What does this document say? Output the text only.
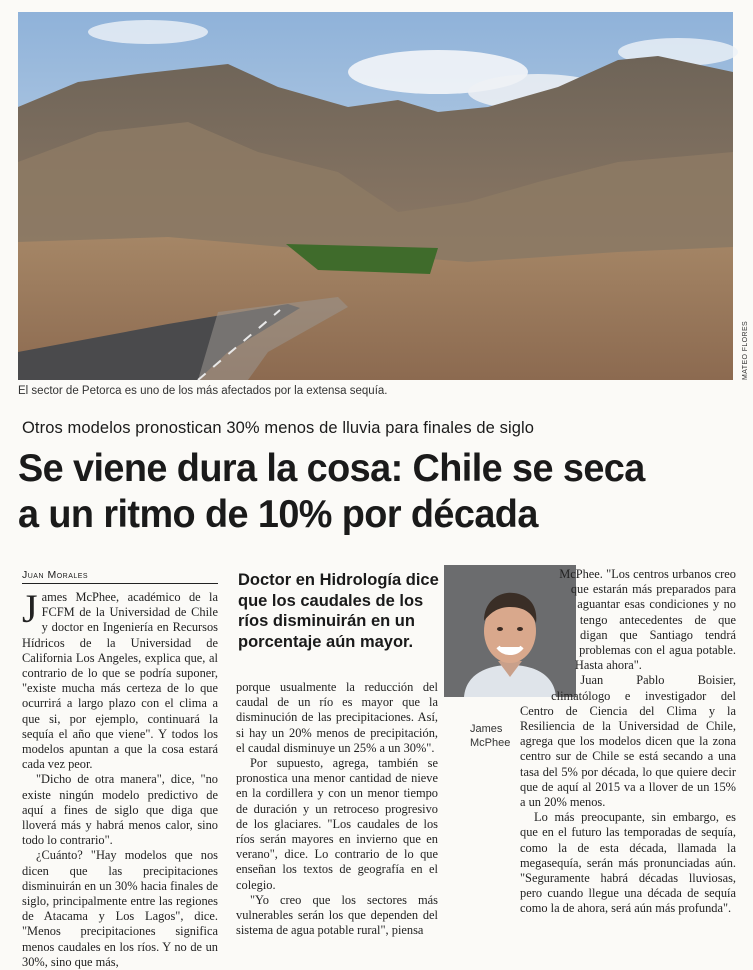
MATEO FLORES
El sector de Petorca es uno de los más afectados por la extensa sequía.
Otros modelos pronostican 30% menos de lluvia para finales de siglo
Se viene dura la cosa: Chile se seca
a un ritmo de 10% por década
Juan Morales

James McPhee, académico de la FCFM de la Universidad de Chile y doctor en Ingeniería en Recursos Hídricos de la Universidad de California Los Angeles, explica que, al contrario de lo que se podría suponer, "existe mucha más certeza de lo que ocurrirá a largo plazo con el clima a que si, por ejemplo, continuará la sequía el año que viene". Y todos los modelos apuntan a que la cosa estará cada vez peor.

"Dicho de otra manera", dice, "no existe ningún modelo predictivo de aquí a fines de siglo que diga que lloverá más y habrá menos calor, sino todo lo contrario".

¿Cuánto? "Hay modelos que nos dicen que las precipitaciones disminuirán en un 30% hacia finales de siglo, principalmente entre las regiones de Atacama y Los Lagos", dice. "Menos precipitaciones significa menos caudales en los ríos. Y no de un 30%, sino que más,

Doctor en Hidrología dice que los caudales de los ríos disminuirán en un porcentaje aún mayor.

porque usualmente la reducción del caudal de un río es mayor que la disminución de las precipitaciones. Así, si hay un 20% menos de precipitación, el caudal disminuye un 25% a un 30%".

Por supuesto, agrega, también se pronostica una menor cantidad de nieve en la cordillera y con un menor tiempo de duración y un retroceso progresivo de los glaciares. "Los caudales de los ríos serán mayores en invierno que en verano", dice. Lo contrario de lo que enseñan los textos de geografía en el colegio.

"Yo creo que los sectores más vulnerables serán los que dependen del sistema de agua potable rural", piensa

James McPhee

McPhee. "Los centros urbanos creo que estarán más preparados para aguantar esas condiciones y no tengo antecedentes de que digan que Santiago tendrá problemas con el agua potable. Hasta ahora".

Juan Pablo Boisier, climatólogo e investigador del Centro de Ciencia del Clima y la Resiliencia de la Universidad de Chile, agrega que los modelos dicen que la zona centro sur de Chile se está secando a una tasa del 5% por década, lo que quiere decir que de aquí al 2015 va a llover de un 15% a un 20% menos.

Lo más preocupante, sin embargo, es que en el futuro las temporadas de sequía, como la de esta década, llamada la megasequía, serán más pronunciadas aún. "Seguramente habrá décadas lluviosas, pero cuando llegue una década de sequía como la de ahora, será aún más profunda".
